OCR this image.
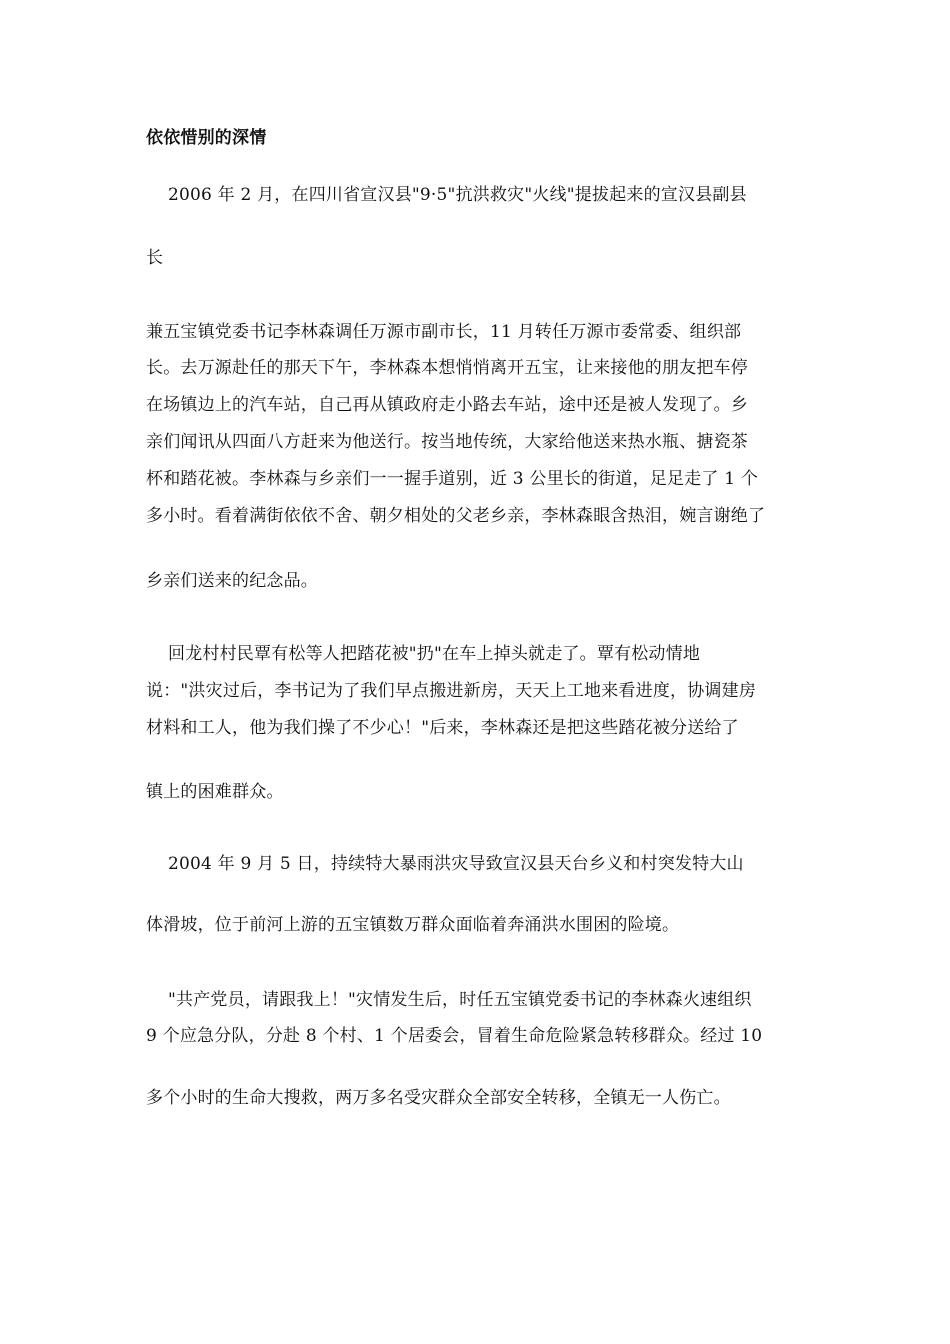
依依惜别的深情
2006 年 2 月，在四川省宣汉县"9·5"抗洪救灾"火线"提拔起来的宣汉县副县
长
兼五宝镇党委书记李林森调任万源市副市长，11 月转任万源市委常委、组织部
长。去万源赴任的那天下午，李林森本想悄悄离开五宝，让来接他的朋友把车停
在场镇边上的汽车站，自己再从镇政府走小路去车站，途中还是被人发现了。乡
亲们闻讯从四面八方赶来为他送行。按当地传统，大家给他送来热水瓶、搪瓷茶
杯和踏花被。李林森与乡亲们一一握手道别，近 3 公里长的街道，足足走了 1 个
多小时。看着满街依依不舍、朝夕相处的父老乡亲，李林森眼含热泪，婉言谢绝了
乡亲们送来的纪念品。
回龙村村民覃有松等人把踏花被"扔"在车上掉头就走了。覃有松动情地
说："洪灾过后，李书记为了我们早点搬进新房，天天上工地来看进度，协调建房
材料和工人，他为我们操了不少心！"后来，李林森还是把这些踏花被分送给了
镇上的困难群众。
2004 年 9 月 5 日，持续特大暴雨洪灾导致宣汉县天台乡义和村突发特大山
体滑坡，位于前河上游的五宝镇数万群众面临着奔涌洪水围困的险境。
"共产党员，请跟我上！"灾情发生后，时任五宝镇党委书记的李林森火速组织
9 个应急分队，分赴 8 个村、1 个居委会，冒着生命危险紧急转移群众。经过 10
多个小时的生命大搜救，两万多名受灾群众全部安全转移，全镇无一人伤亡。
